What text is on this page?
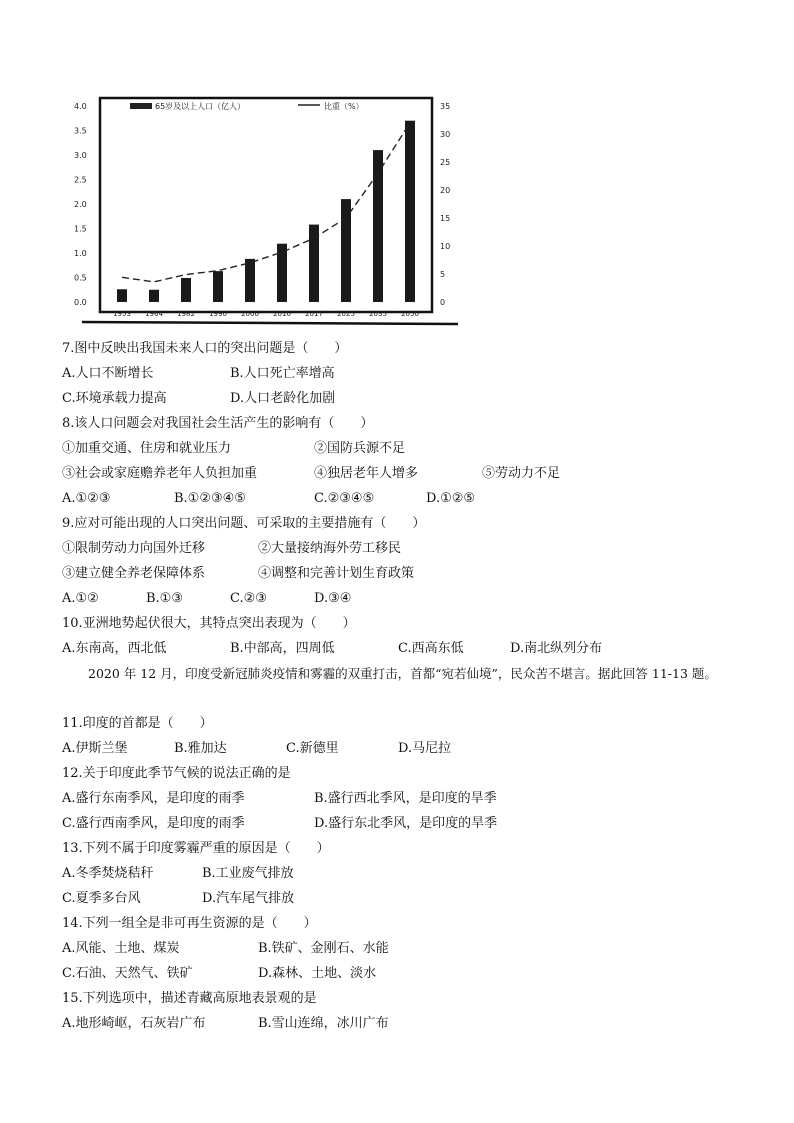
4.0
3.5
3.0
2.5
2.0
1.5
1.0
0.5
0.0
35
30
25
20
15
10
5
0
1953 1964 1982 1990 2000 2010 2017 2025 2035 2050
65岁及以上人口（亿人）	比重（%）
7.图中反映出我国未来人口的突出问题是（　　）
A.人口不断增长	B.人口死亡率增高
C.环境承载力提高	D.人口老龄化加剧
8.该人口问题会对我国社会生活产生的影响有（　　）
①加重交通、住房和就业压力	②国防兵源不足
③社会或家庭赡养老年人负担加重	④独居老年人增多	⑤劳动力不足
A.①②③	B.①②③④⑤	C.②③④⑤	D.①②⑤
9.应对可能出现的人口突出问题、可采取的主要措施有（　　）
①限制劳动力向国外迁移	②大量接纳海外劳工移民
③建立健全养老保障体系	④调整和完善计划生育政策
A.①②	B.①③	C.②③	D.③④
10.亚洲地势起伏很大，其特点突出表现为（　　）
A.东南高，西北低	B.中部高，四周低	C.西高东低	D.南北纵列分布
2020 年 12 月，印度受新冠肺炎疫情和雾霾的双重打击，首都“宛若仙境”，民众苦不堪言。据此回答 11-13 题。
11.印度的首都是（　　）
A.伊斯兰堡	B.雅加达	C.新德里	D.马尼拉
12.关于印度此季节气候的说法正确的是
A.盛行东南季风，是印度的雨季	B.盛行西北季风，是印度的旱季
C.盛行西南季风，是印度的雨季	D.盛行东北季风，是印度的旱季
13.下列不属于印度雾霾严重的原因是（　　）
A.冬季焚烧秸秆	B.工业废气排放
C.夏季多台风	D.汽车尾气排放
14.下列一组全是非可再生资源的是（　　）
A.风能、土地、煤炭	B.铁矿、金刚石、水能
C.石油、天然气、铁矿	D.森林、土地、淡水
15.下列选项中，描述青藏高原地表景观的是
A.地形崎岖，石灰岩广布	B.雪山连绵，冰川广布
